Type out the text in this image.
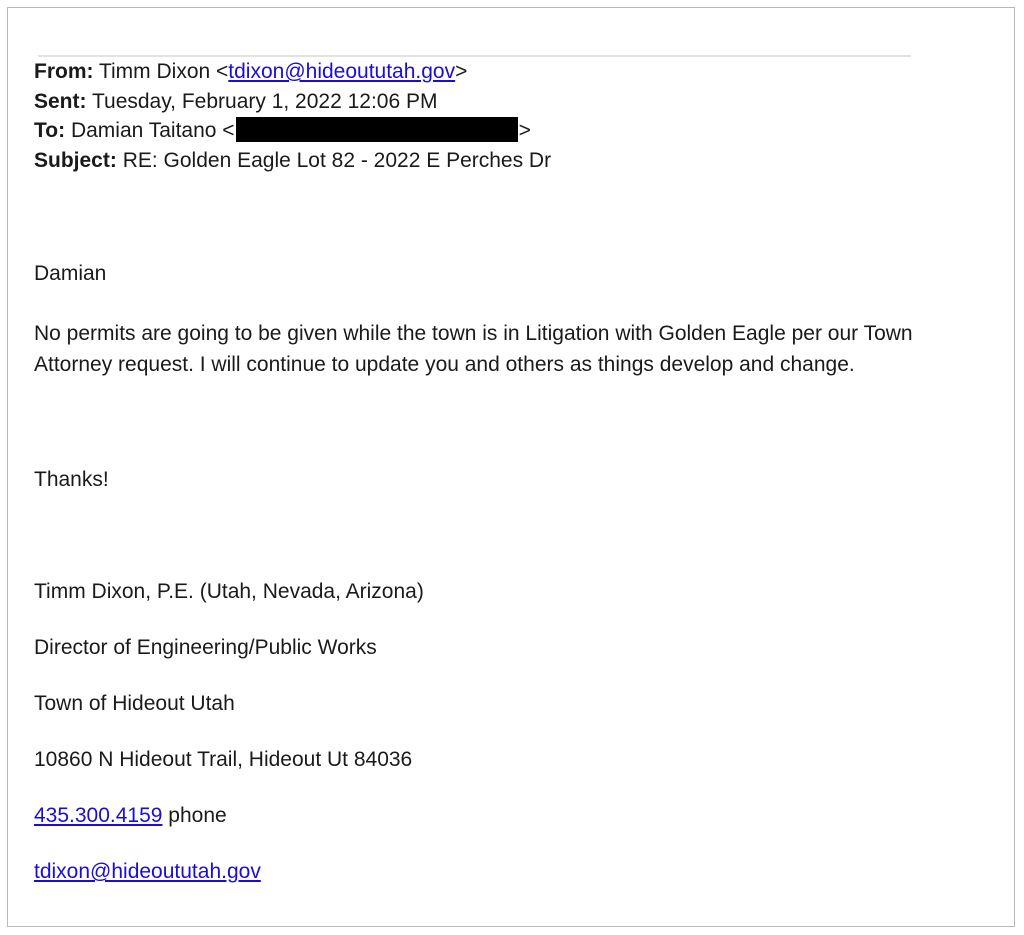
From: Timm Dixon <tdixon@hideoututah.gov>
Sent: Tuesday, February 1, 2022 12:06 PM
To: Damian Taitano <	>
Subject: RE: Golden Eagle Lot 82 - 2022 E Perches Dr
Damian
No permits are going to be given while the town is in Litigation with Golden Eagle per our Town Attorney request. I will continue to update you and others as things develop and change.
Thanks!
Timm Dixon, P.E. (Utah, Nevada, Arizona)
Director of Engineering/Public Works
Town of Hideout Utah
10860 N Hideout Trail, Hideout Ut 84036
435.300.4159 phone
tdixon@hideoututah.gov
